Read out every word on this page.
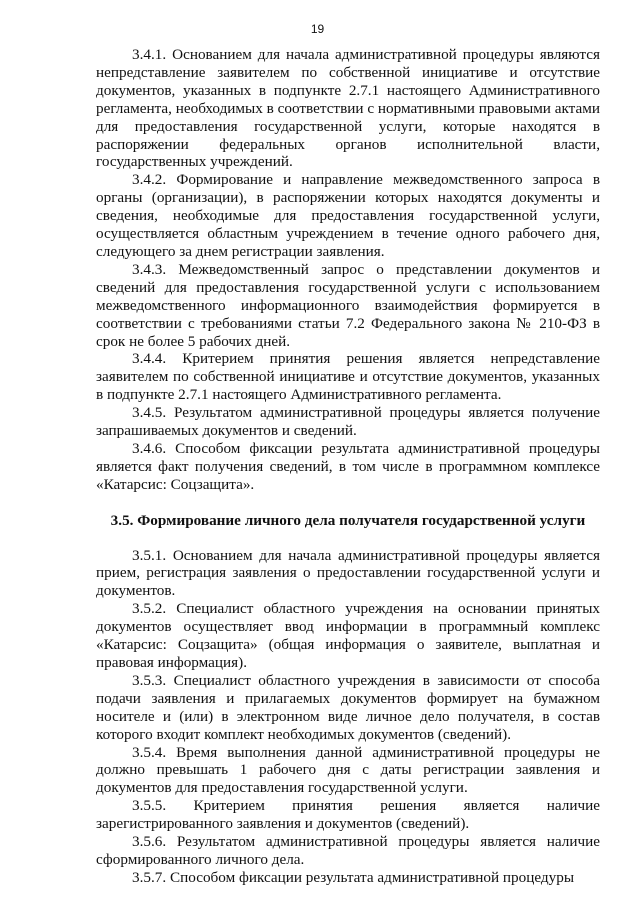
19

3.4.1. Основанием для начала административной процедуры являются непредставление заявителем по собственной инициативе и отсутствие документов, указанных в подпункте 2.7.1 настоящего Административного регламента, необходимых в соответствии с нормативными правовыми актами для предоставления государственной услуги, которые находятся в распоряжении федеральных органов исполнительной власти, государственных учреждений.

3.4.2. Формирование и направление межведомственного запроса в органы (организации), в распоряжении которых находятся документы и сведения, необходимые для предоставления государственной услуги, осуществляется областным учреждением в течение одного рабочего дня, следующего за днем регистрации заявления.

3.4.3. Межведомственный запрос о представлении документов и сведений для предоставления государственной услуги с использованием межведомственного информационного взаимодействия формируется в соответствии с требованиями статьи 7.2 Федерального закона № 210-ФЗ в срок не более 5 рабочих дней.

3.4.4. Критерием принятия решения является непредставление заявителем по собственной инициативе и отсутствие документов, указанных в подпункте 2.7.1 настоящего Административного регламента.

3.4.5. Результатом административной процедуры является получение запрашиваемых документов и сведений.

3.4.6. Способом фиксации результата административной процедуры является факт получения сведений, в том числе в программном комплексе «Катарсис: Соцзащита».

3.5. Формирование личного дела получателя государственной услуги

3.5.1. Основанием для начала административной процедуры является прием, регистрация заявления о предоставлении государственной услуги и документов.

3.5.2. Специалист областного учреждения на основании принятых документов осуществляет ввод информации в программный комплекс «Катарсис: Соцзащита» (общая информация о заявителе, выплатная и правовая информация).

3.5.3. Специалист областного учреждения в зависимости от способа подачи заявления и прилагаемых документов формирует на бумажном носителе и (или) в электронном виде личное дело получателя, в состав которого входит комплект необходимых документов (сведений).

3.5.4. Время выполнения данной административной процедуры не должно превышать 1 рабочего дня с даты регистрации заявления и документов для предоставления государственной услуги.

3.5.5. Критерием принятия решения является наличие зарегистрированного заявления и документов (сведений).

3.5.6. Результатом административной процедуры является наличие сформированного личного дела.

3.5.7. Способом фиксации результата административной процедуры
